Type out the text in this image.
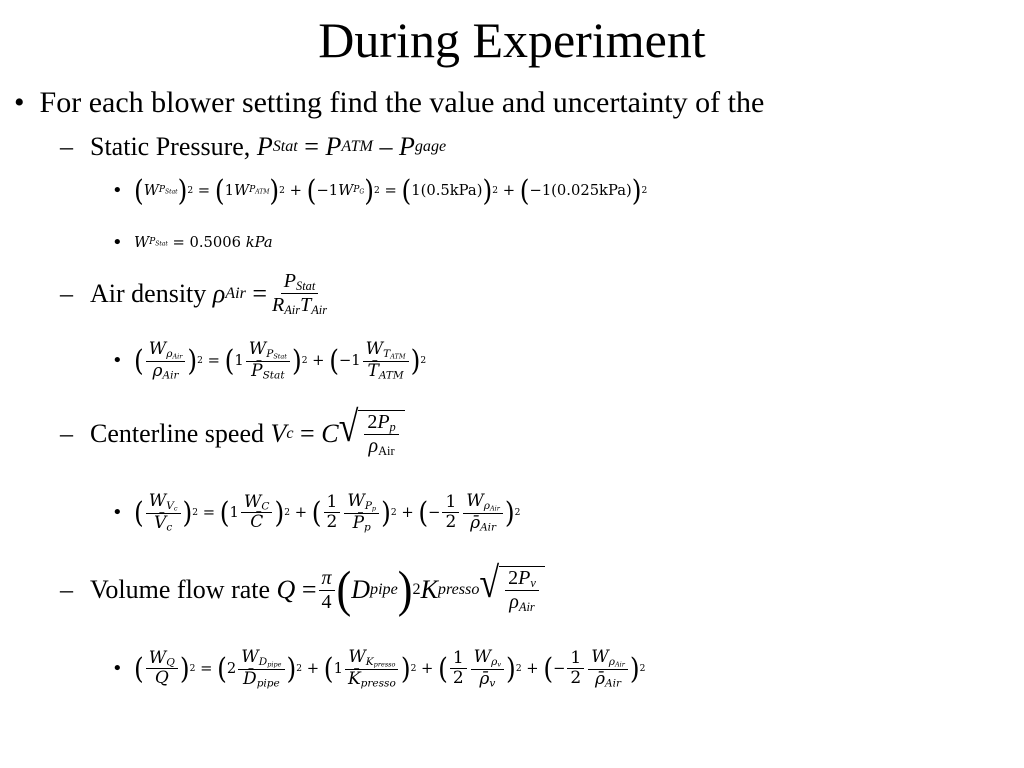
During Experiment
•  For each blower setting find the value and uncertainty of the
– Static Pressure,
P Stat = P ATM – P gage
• ( W $P_{Stat}$ ) 2 = ( 1 W $P_{ATM}$ ) 2 + ( −1 W $P_G$ ) 2 = ( 1(0.5kPa) ) 2 + ( −1(0.025kPa) ) 2
• W $P_{Stat} = 0.5006$
kPa
– Air density
ρ Air = $\frac{P_{Stat}}{R_{Air}T_{Air}}$
• ( $\frac{W_{\rho_{Air}}}{\rho_{Air}}$ ) 2 = ( $1 \frac{W_{P_{Stat}}}{P̄_{Stat}}$ ) 2 + ( $-1 \frac{W_{T_{ATM}}}{T̄_{ATM}}$ ) 2
– Centerline speed
V c = C √ $\frac{2P_p}{\rho_{Air}}$
• ( $\frac{W_{V_c}}{V̄_c}$ ) 2 = ( $1 \frac{W_C}{C̄}$ ) 2 + ( $\frac{1}{2} \frac{W_{P_p}}{P̄_p}$ ) 2 + ( − $\frac{1}{2} \frac{W_{\rho_{Air}}}{\rhō_{Air}}$ ) 2
– Volume flow rate
$Q = \frac{\pi}{4}$ ( D pipe ) 2 K presso √ $\frac{2P_v}{\rho_{Air}}$
• ( $\frac{W_Q}{Q}$ ) 2 = ( $2 \frac{W_{D_{pipe}}}{D̄_{pipe}}$ ) 2 + ( $1 \frac{W_{K_{presso}}}{K̄_{presso}}$ ) 2 + ( $\frac{1}{2} \frac{W_{\rho_v}}{\rhō_v}$ ) 2 + ( − $\frac{1}{2} \frac{W_{\rho_{Air}}}{\rhō_{Air}}$ ) 2
